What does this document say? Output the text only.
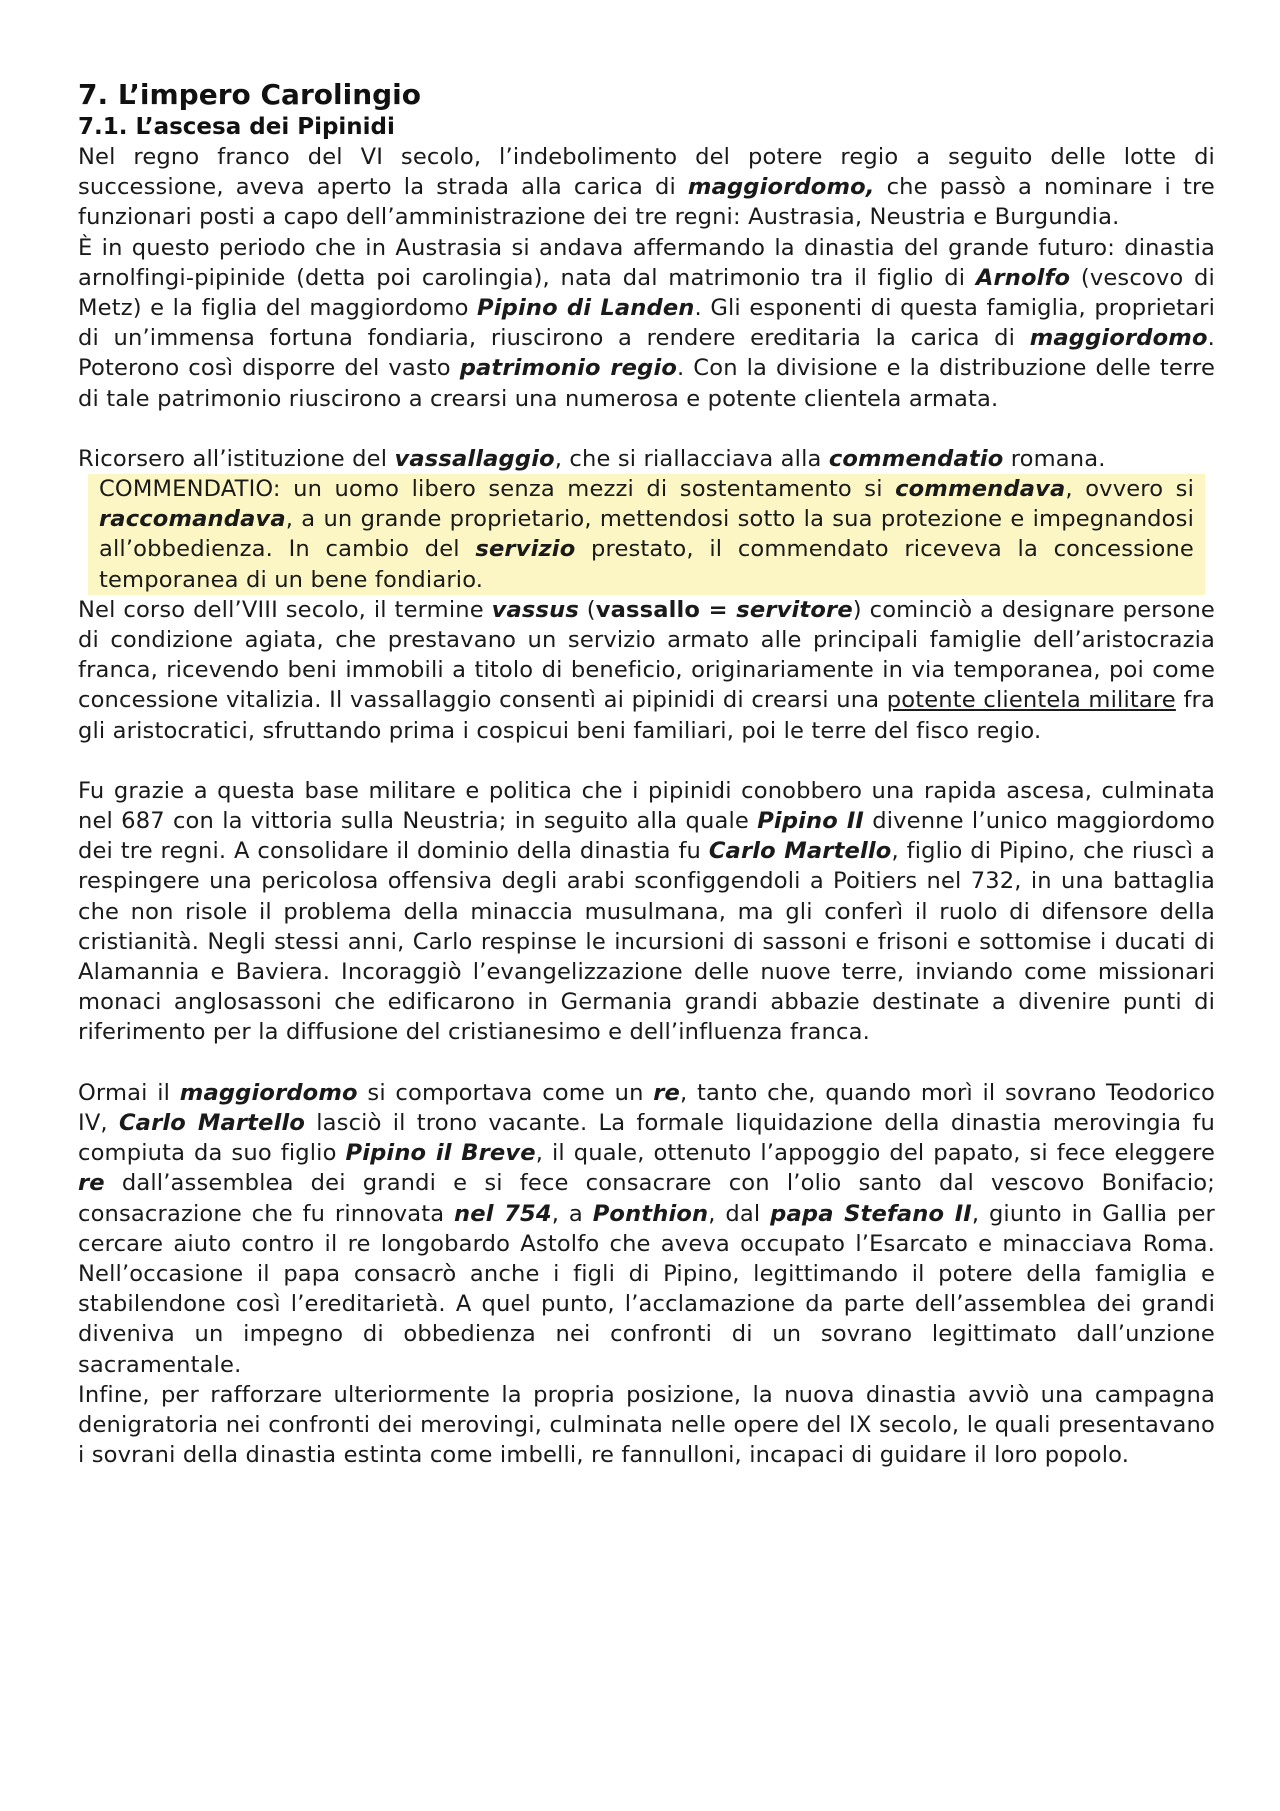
7. L’impero Carolingio
7.1. L’ascesa dei Pipinidi

Nel regno franco del VI secolo, l’indebolimento del potere regio a seguito delle lotte di successione, aveva aperto la strada alla carica di maggiordomo, che passò a nominare i tre funzionari posti a capo dell’amministrazione dei tre regni: Austrasia, Neustria e Burgundia.

È in questo periodo che in Austrasia si andava affermando la dinastia del grande futuro: dinastia arnolfingi-pipinide (detta poi carolingia), nata dal matrimonio tra il figlio di Arnolfo (vescovo di Metz) e la figlia del maggiordomo Pipino di Landen. Gli esponenti di questa famiglia, proprietari di un’immensa fortuna fondiaria, riuscirono a rendere ereditaria la carica di maggiordomo. Poterono così disporre del vasto patrimonio regio. Con la divisione e la distribuzione delle terre di tale patrimonio riuscirono a crearsi una numerosa e potente clientela armata.

Ricorsero all’istituzione del vassallaggio, che si riallacciava alla commendatio romana.

COMMENDATIO: un uomo libero senza mezzi di sostentamento si commendava, ovvero si raccomandava, a un grande proprietario, mettendosi sotto la sua protezione e impegnandosi all’obbedienza. In cambio del servizio prestato, il commendato riceveva la concessione temporanea di un bene fondiario.

Nel corso dell’VIII secolo, il termine vassus (vassallo = servitore) cominciò a designare persone di condizione agiata, che prestavano un servizio armato alle principali famiglie dell’aristocrazia franca, ricevendo beni immobili a titolo di beneficio, originariamente in via temporanea, poi come concessione vitalizia. Il vassallaggio consentì ai pipinidi di crearsi una potente clientela militare fra gli aristocratici, sfruttando prima i cospicui beni familiari, poi le terre del fisco regio.

Fu grazie a questa base militare e politica che i pipinidi conobbero una rapida ascesa, culminata nel 687 con la vittoria sulla Neustria; in seguito alla quale Pipino II divenne l’unico maggiordomo dei tre regni. A consolidare il dominio della dinastia fu Carlo Martello, figlio di Pipino, che riuscì a respingere una pericolosa offensiva degli arabi sconfiggendoli a Poitiers nel 732, in una battaglia che non risole il problema della minaccia musulmana, ma gli conferì il ruolo di difensore della cristianità. Negli stessi anni, Carlo respinse le incursioni di sassoni e frisoni e sottomise i ducati di Alamannia e Baviera. Incoraggiò l’evangelizzazione delle nuove terre, inviando come missionari monaci anglosassoni che edificarono in Germania grandi abbazie destinate a divenire punti di riferimento per la diffusione del cristianesimo e dell’influenza franca.

Ormai il maggiordomo si comportava come un re, tanto che, quando morì il sovrano Teodorico IV, Carlo Martello lasciò il trono vacante. La formale liquidazione della dinastia merovingia fu compiuta da suo figlio Pipino il Breve, il quale, ottenuto l’appoggio del papato, si fece eleggere re dall’assemblea dei grandi e si fece consacrare con l’olio santo dal vescovo Bonifacio; consacrazione che fu rinnovata nel 754, a Ponthion, dal papa Stefano II, giunto in Gallia per cercare aiuto contro il re longobardo Astolfo che aveva occupato l’Esarcato e minacciava Roma. Nell’occasione il papa consacrò anche i figli di Pipino, legittimando il potere della famiglia e stabilendone così l’ereditarietà. A quel punto, l’acclamazione da parte dell’assemblea dei grandi diveniva un impegno di obbedienza nei confronti di un sovrano legittimato dall’unzione sacramentale.

Infine, per rafforzare ulteriormente la propria posizione, la nuova dinastia avviò una campagna denigratoria nei confronti dei merovingi, culminata nelle opere del IX secolo, le quali presentavano i sovrani della dinastia estinta come imbelli, re fannulloni, incapaci di guidare il loro popolo.
